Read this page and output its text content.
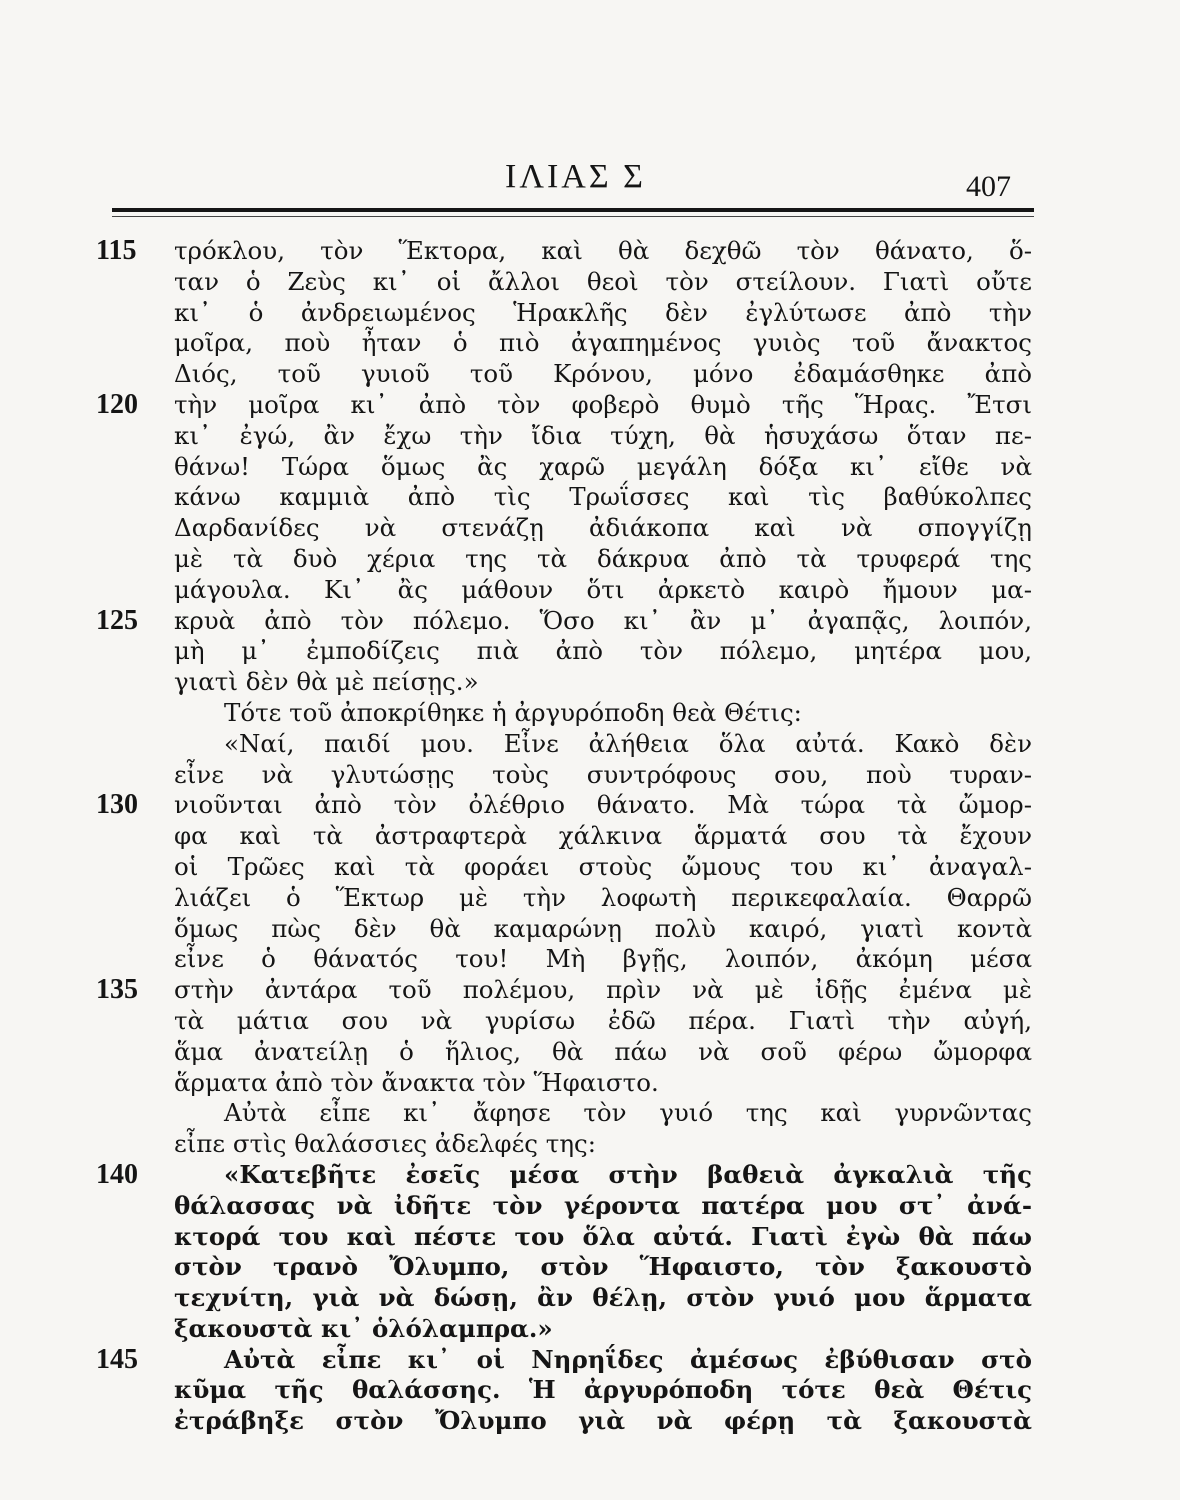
ΙΛΙΑΣ Σ	407
115	τρόκλου, τὸν Ἕκτορα, καὶ θὰ δεχθῶ τὸν θάνατο, ὅ-
ταν ὁ Ζεὺς κι᾿ οἱ ἄλλοι θεοὶ τὸν στείλουν. Γιατὶ οὔτε
κι᾿ ὁ ἀνδρειωμένος Ἡρακλῆς δὲν ἐγλύτωσε ἀπὸ τὴν
μοῖρα, ποὺ ἦταν ὁ πιὸ ἀγαπημένος γυιὸς τοῦ ἄνακτος
Διός, τοῦ γυιοῦ τοῦ Κρόνου, μόνο ἐδαμάσθηκε ἀπὸ
120	τὴν μοῖρα κι᾿ ἀπὸ τὸν φοβερὸ θυμὸ τῆς Ἥρας. Ἔτσι
κι᾿ ἐγώ, ἂν ἔχω τὴν ἴδια τύχη, θὰ ἡσυχάσω ὅταν πε-
θάνω! Τώρα ὅμως ἂς χαρῶ μεγάλη δόξα κι᾿ εἴθε νὰ
κάνω καμμιὰ ἀπὸ τὶς Τρωΐσσες καὶ τὶς βαθύκολπες
Δαρδανίδες νὰ στενάζῃ ἀδιάκοπα καὶ νὰ σπογγίζῃ
μὲ τὰ δυὸ χέρια της τὰ δάκρυα ἀπὸ τὰ τρυφερά της
μάγουλα. Κι᾿ ἂς μάθουν ὅτι ἀρκετὸ καιρὸ ἤμουν μα-
125	κρυὰ ἀπὸ τὸν πόλεμο. Ὅσο κι᾿ ἂν μ᾿ ἀγαπᾷς, λοιπόν,
μὴ μ᾿ ἐμποδίζεις πιὰ ἀπὸ τὸν πόλεμο, μητέρα μου,
γιατὶ δὲν θὰ μὲ πείσῃς.»
Τότε τοῦ ἀποκρίθηκε ἡ ἀργυρόποδη θεὰ Θέτις:
«Ναί, παιδί μου. Εἶνε ἀλήθεια ὅλα αὐτά. Κακὸ δὲν
εἶνε νὰ γλυτώσῃς τοὺς συντρόφους σου, ποὺ τυραν-
130	νιοῦνται ἀπὸ τὸν ὀλέθριο θάνατο. Μὰ τώρα τὰ ὤμορ-
φα καὶ τὰ ἀστραφτερὰ χάλκινα ἅρματά σου τὰ ἔχουν
οἱ Τρῶες καὶ τὰ φοράει στοὺς ὤμους του κι᾿ ἀναγαλ-
λιάζει ὁ Ἕκτωρ μὲ τὴν λοφωτὴ περικεφαλαία. Θαρρῶ
ὅμως πὼς δὲν θὰ καμαρώνῃ πολὺ καιρό, γιατὶ κοντὰ
εἶνε ὁ θάνατός του! Μὴ βγῇς, λοιπόν, ἀκόμη μέσα
135	στὴν ἀντάρα τοῦ πολέμου, πρὶν νὰ μὲ ἰδῇς ἐμένα μὲ
τὰ μάτια σου νὰ γυρίσω ἐδῶ πέρα. Γιατὶ τὴν αὐγή,
ἅμα ἀνατείλῃ ὁ ἥλιος, θὰ πάω νὰ σοῦ φέρω ὤμορφα
ἅρματα ἀπὸ τὸν ἄνακτα τὸν Ἥφαιστο.
Αὐτὰ εἶπε κι᾿ ἄφησε τὸν γυιό της καὶ γυρνῶντας
εἶπε στὶς θαλάσσιες ἀδελφές της:
140	«Κατεβῆτε ἐσεῖς μέσα στὴν βαθειὰ ἀγκαλιὰ τῆς
θάλασσας νὰ ἰδῆτε τὸν γέροντα πατέρα μου στ᾿ ἀνά-
κτορά του καὶ πέστε του ὅλα αὐτά. Γιατὶ ἐγὼ θὰ πάω
στὸν τρανὸ Ὄλυμπο, στὸν Ἥφαιστο, τὸν ξακουστὸ
τεχνίτη, γιὰ νὰ δώσῃ, ἂν θέλῃ, στὸν γυιό μου ἅρματα
ξακουστὰ κι᾿ ὁλόλαμπρα.»
145	Αὐτὰ εἶπε κι᾿ οἱ Νηρηΐδες ἀμέσως ἐβύθισαν στὸ
κῦμα τῆς θαλάσσης. Ἡ ἀργυρόποδη τότε θεὰ Θέτις
ἐτράβηξε στὸν Ὄλυμπο γιὰ νὰ φέρῃ τὰ ξακουστὰ
